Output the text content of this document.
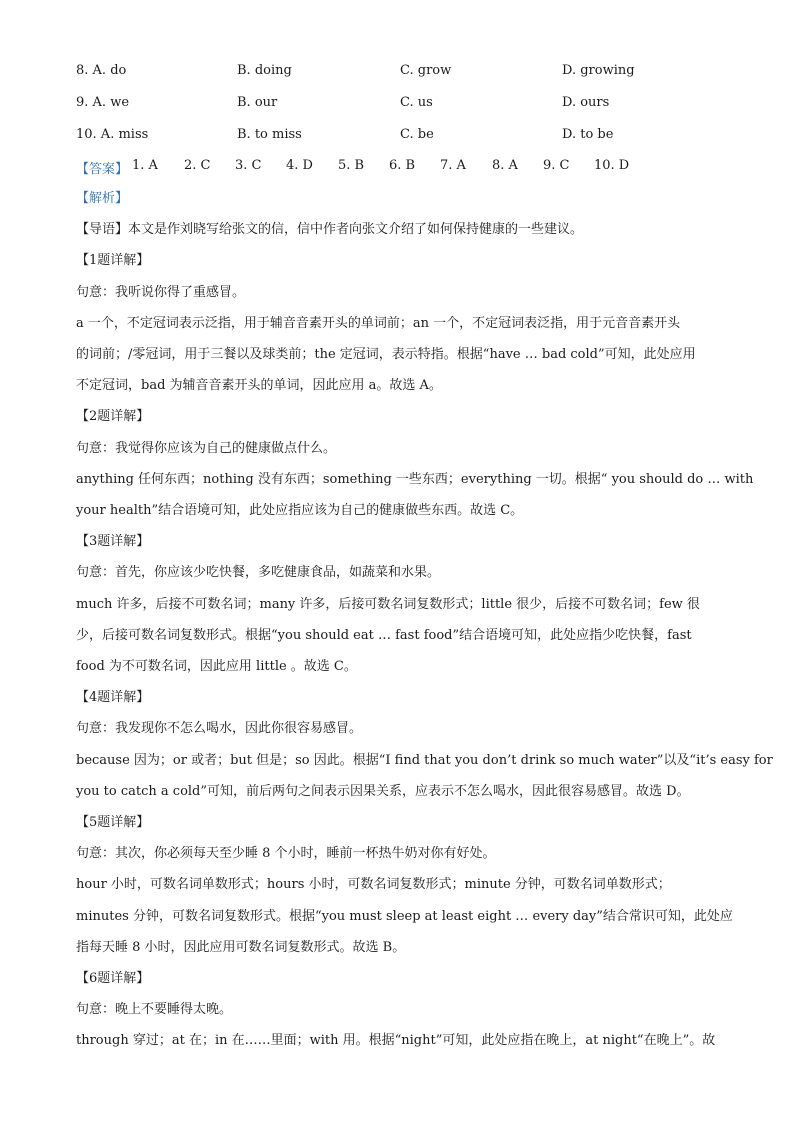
8. A. do	B. doing	C. grow	D. growing
9. A. we	B. our	C. us	D. ours
10. A. miss	B. to miss	C. be	D. to be
【答案】 1. A 2. C 3. C 4. D 5. B 6. B 7. A 8. A 9. C 10. D
【解析】
【导语】本文是作刘晓写给张文的信，信中作者向张文介绍了如何保持健康的一些建议。
【1题详解】
句意：我听说你得了重感冒。
a 一个，不定冠词表示泛指，用于辅音音素开头的单词前；an 一个，不定冠词表泛指，用于元音音素开头
的词前；/零冠词，用于三餐以及球类前；the 定冠词，表示特指。根据“have … bad cold”可知，此处应用
不定冠词，bad 为辅音音素开头的单词，因此应用 a。故选 A。
【2题详解】
句意：我觉得你应该为自己的健康做点什么。
anything 任何东西；nothing 没有东西；something 一些东西；everything 一切。根据“ you should do … with
your health”结合语境可知，此处应指应该为自己的健康做些东西。故选 C。
【3题详解】
句意：首先，你应该少吃快餐，多吃健康食品，如蔬菜和水果。
much 许多，后接不可数名词；many 许多，后接可数名词复数形式；little 很少，后接不可数名词；few 很
少，后接可数名词复数形式。根据“you should eat … fast food”结合语境可知，此处应指少吃快餐，fast
food 为不可数名词，因此应用 little 。故选 C。
【4题详解】
句意：我发现你不怎么喝水，因此你很容易感冒。
because 因为；or 或者；but 但是；so 因此。根据“I find that you don’t drink so much water”以及“it’s easy for
you to catch a cold”可知，前后两句之间表示因果关系，应表示不怎么喝水，因此很容易感冒。故选 D。
【5题详解】
句意：其次，你必须每天至少睡 8 个小时，睡前一杯热牛奶对你有好处。
hour 小时，可数名词单数形式；hours 小时，可数名词复数形式；minute 分钟，可数名词单数形式；
minutes 分钟，可数名词复数形式。根据“you must sleep at least eight … every day”结合常识可知，此处应
指每天睡 8 小时，因此应用可数名词复数形式。故选 B。
【6题详解】
句意：晚上不要睡得太晚。
through 穿过；at 在；in 在……里面；with 用。根据“night”可知，此处应指在晚上，at night“在晚上”。故
